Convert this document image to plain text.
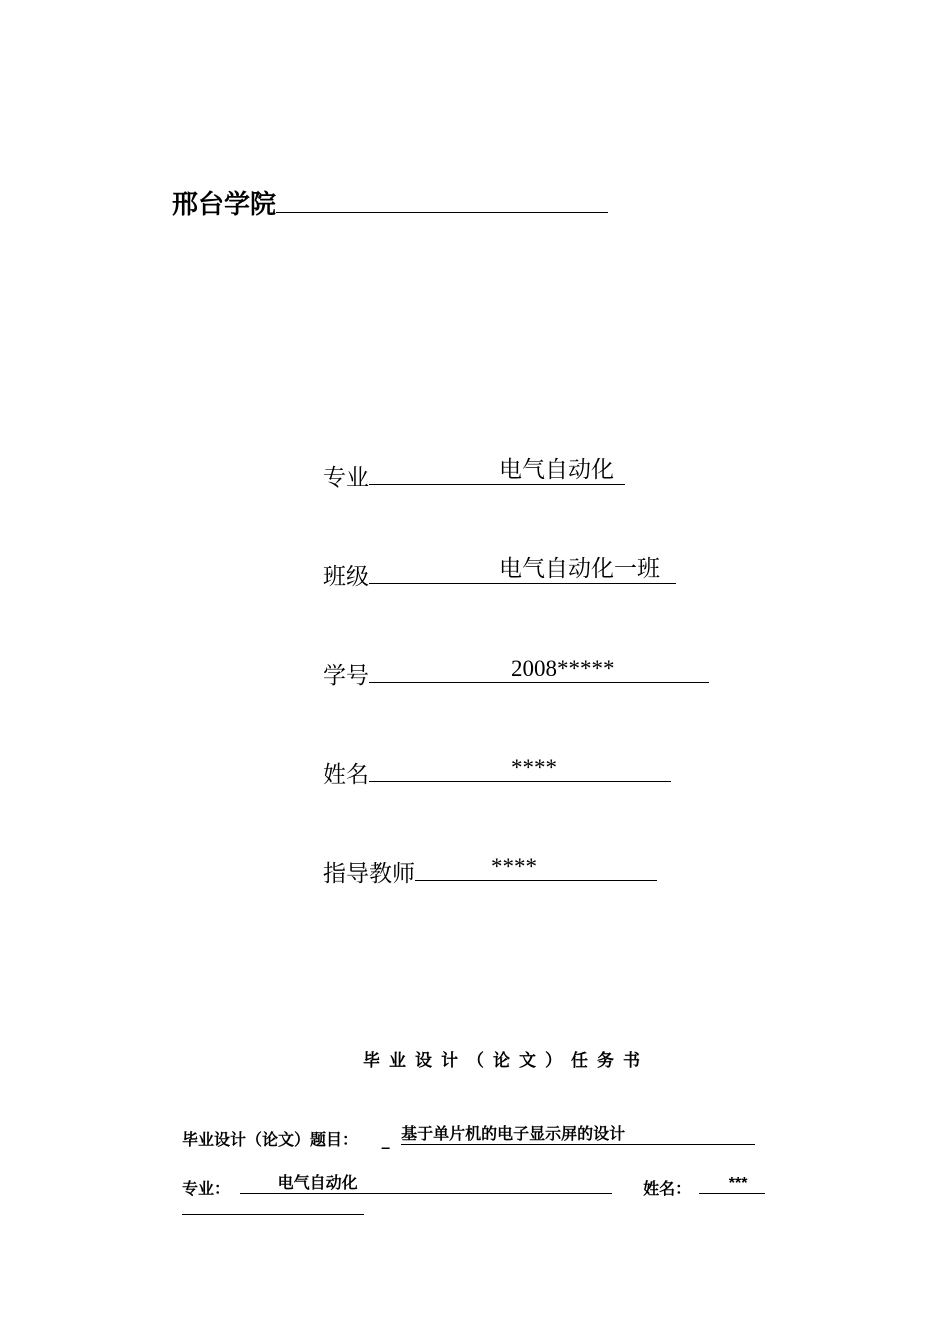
邢台学院
专业	电气自动化
班级	电气自动化一班
学号	2008*****
姓名	****
指导教师	****
毕业设计（论文）任务书
毕业设计（论文）题目： _ 基于单片机的电子显示屏的设计
专业：	电气自动化	姓名： ***
